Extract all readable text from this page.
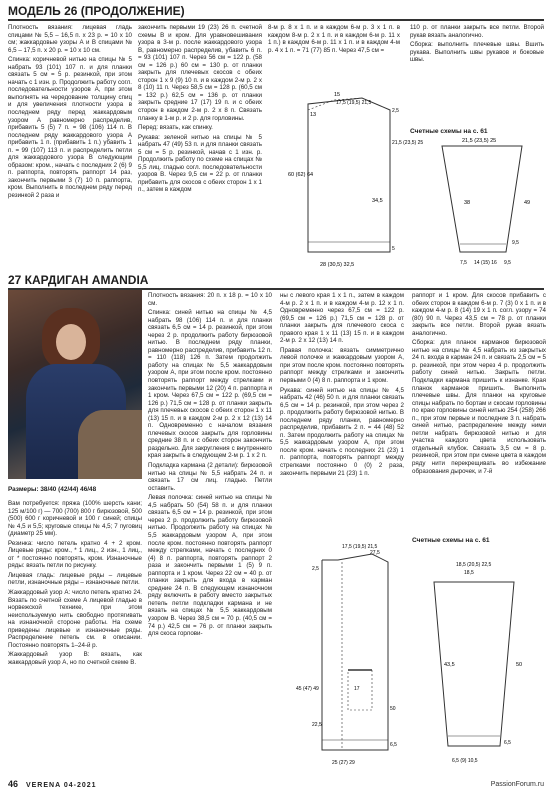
МОДЕЛЬ 26 (ПРОДОЛЖЕНИЕ)

Плотность вязания: лицевая гладь спицами № 5,5 – 16,5 п. х 23 р. = 10 х 10 см; жаккардовые узоры А и В спицами № 6,5 – 17,5 п. х 20 р. = 10 х 10 см.

Спинка: коричневой нитью на спицы № 5 набрать 93 (101) 107 п. и для планки связать 5 см = 5 р. резинкой, при этом начать с 1 изн. р. Продолжить работу согл. последовательности узоров А, при этом выполнять на чередование толщину спиц и для увеличения плотности узора в последнем ряду перед жаккардовым узором А равномерно распределив, прибавить 5 (5) 7 п. = 98 (106) 114 п. В последнем ряду жаккардового узора А прибавить 1 п. (прибавить 1 п.) убавить 1 п. = 99 (107) 113 п. и распределить петли для жаккардового узора В следующим образом: кром., начать с последних 2 (6) 9 п. раппорта, повторять раппорт 14 раз, закончить первыми 3 (7) 10 п. раппорта, кром. Выполнить в последнем ряду перед резинкой 2 раза и

закончить первыми 19 (23) 26 п. счетной схемы В и кром. Для уравновешивания узора в 3-м р. после жаккардового узора В, равномерно распределив, убавить 6 п. = 93 (101) 107 п. Через 56 см = 122 р. (58 см = 126 р.) 60 см = 130 р. от планки закрыть для плечевых скосов с обеих сторон 1 х 9 (9) 10 п. и в каждом 2-м р. 2 х 8 (10) 11 п. Через 58,5 см = 128 р. (60,5 см = 132 р.) 62,5 см = 136 р. от планки закрыть средние 17 (17) 19 п. и с обеих сторон в каждом 2-м р. 2 х 8 п. Связать планку в 1-м р. и 2 р. для горловины.

Перед: вязать, как спинку.

Рукава: зеленой нитью на спицы № 5 набрать 47 (49) 53 п. и для планки связать 5 см = 5 р. резинкой, начав с 1 изн. р. Продолжить работу по схеме на спицах № 5,5 лиц. гладью согл. последовательности узоров В. Через 9,5 см = 22 р. от планки прибавить для скосов с обеих сторон 1 х 1 п., затем в каждом

8-м р. 8 х 1 п. и в каждом 6-м р. 3 х 1 п. в каждом 8-м р. 2 х 1 п. и в каждом 6-м р. 11 х 1 п.) в каждом 6-м р. 11 х 1 п. и в каждом 4-м р. 4 х 1 п. = 71 (77) 85 п. Через 47,5 см =

110 р. от планки закрыть все петли. Второй рукав вязать аналогично.

Сборка: выполнить плечевые швы. Вшить рукава. Выполнить швы рукавов и боковые швы.

Счетные схемы на с. 61
15
17,5 (19,5) 21,5
13
60 (62) 64
34,5
21,5 (23,5) 25
2,5
5
28 (30,5) 32,5
21,5 (23,5) 25
38	49
9,5
7,5 14 (15) 16 9,5
27 КАРДИГАН AMANDIA
Размеры: 38/40 (42/44) 46/48

Вам потребуется: пряжа (100% шерсть кани; 125 м/100 г) — 700 (700) 800 г бирюзовой, 500 (500) 600 г коричневой и 100 г синей; спицы № 4,5 и 5,5; круговые спицы № 4,5; 7 пуговиц (диаметр 25 мм).

Резинка: число петель кратно 4 + 2 кром. Лицевые ряды: кром., * 1 лиц., 2 изн., 1 лиц., от * постоянно повторять, кром. Изнаночные ряды: вязать петли по рисунку.

Лицевая гладь: лицевые ряды – лицевые петли, изнаночные ряды – изнаночные петли.

Жаккардовый узор А: число петель кратно 24. Вязать по счетной схеме А лицевой гладью в норвежской технике, при этом неиспользуемую нить свободно протягивать на изнаночной стороне работы. На схеме приведены лицевые и изнаночные ряды. Распределение петель см. в описании. Постоянно повторять 1–24-й р.

Жаккардовый узор В: вязать, как жаккардовый узор А, но по счетной схеме В.

Плотность вязания: 20 п. х 18 р. = 10 х 10 см.

Спинка: синей нитью на спицы № 4,5 набрать 98 (106) 114 п. и для планки связать 6,5 см = 14 р. резинкой, при этом через 2 р. продолжить работу бирюзовой нитью. В последнем ряду планки, равномерно распределив, прибавить 12 п. = 110 (118) 126 п. Затем продолжить работу на спицах № 5,5 жаккардовым узором А, при этом после кром. постоянно повторять раппорт между стрелками и закончить первыми 12 (20) 4 п. раппорта и 1 кром. Через 67,5 см = 122 р. (69,5 см = 126 р.) 71,5 см = 128 р. от планки закрыть для плечевых скосов с обеих сторон 1 х 11 (13) 15 п. и в каждом 2-м р. 2 х 12 (13) 14 п. Одновременно с началом вязания плечевых скосов закрыть для горловины средние 38 п. и с обеих сторон закончить раздельно. Для закругления с внутреннего края закрыть в следующем 2-м р. 1 х 2 п.

Подкладка кармана (2 детали): бирюзовой нитью на спицы № 5,5 набрать 24 п. и связать 17 см лиц. гладью. Петли оставить.

Левая полочка: синей нитью на спицы № 4,5 набрать 50 (54) 58 п. и для планки связать 6,5 см = 14 р. резинкой, при этом через 2 р. продолжить работу бирюзовой нитью. Продолжить работу на спицах № 5,5 жаккардовым узором А, при этом после кром. постоянно повторять раппорт между стрелками, начать с последних 0 (4) 8 п. раппорта, повторять раппорт 2 раза и закончить первыми 1 (5) 9 п. раппорта и 1 кром. Через 22 см = 40 р. от планки закрыть для входа в карман средние 24 п. В следующем изнаночном ряду включить в работу вместо закрытых петель петли подкладки кармана и не вязать на спицах № 5,5 жаккардовым узором В. Через 38,5 см = 70 р. (40,5 см = 74 р.) 42,5 см = 76 р. от планки закрыть для скоса горлови-

ны с левого края 1 х 1 п., затем в каждом 4-м р. 2 х 1 п. и в каждом 4-м р. 12 х 1 п. Одновременно через 67,5 см = 122 р. (69,5 см = 126 р.) 71,5 см = 128 р. от планки закрыть для плечевого скоса с правого края 1 х 11 (13) 15 п. и в каждом 2-м р. 2 х 12 (13) 14 п.

Правая полочка: вязать симметрично левой полочке и жаккардовым узором А, при этом после кром. постоянно повторять раппорт между стрелками и закончить первыми 0 (4) 8 п. раппорта и 1 кром.

Рукава: синей нитью на спицы № 4,5 набрать 42 (46) 50 п. и для планки связать 6,5 см = 14 р. резинкой, при этом через 2 р. продолжить работу бирюзовой нитью. В последнем ряду планки, равномерно распределив, прибавить 2 п. = 44 (48) 52 п. Затем продолжить работу на спицах № 5,5 жаккардовым узором А, при этом после кром. начать с последних 21 (23) 1 п. раппорта, повторять раппорт между стрелками постоянно 0 (0) 2 раза, закончить первыми 21 (23) 1 п.

раппорт и 1 кром. Для скосов прибавить с обеих сторон в каждом 6-м р. 7 (3) 0 х 1 п. и в каждом 4-м р. 8 (14) 19 х 1 п. согл. узору = 74 (80) 90 п. Через 43,5 см = 78 р. от планки закрыть все петли. Второй рукав вязать аналогично.

Сборка: для планок карманов бирюзовой нитью на спицы № 4,5 набрать из закрытых 24 п. входа в карман 24 п. и связать 2,5 см = 5 р. резинкой, при этом через 4 р. продолжить работу синей нитью. Закрыть петли. Подкладки кармана пришить к изнанке. Края планок карманов пришить. Выполнить плечевые швы. Для планки на круговые спицы набрать по бортам и скосам горловины по краю горловины синей нитью 254 (258) 266 п., при этом первые и последние 3 п. набрать синей нитью, распределение между ними петли набрать бирюзовой нитью и для участка каждого цвета использовать отдельный клубок. Связать 3,5 см = 8 р. резинкой, при этом при смене цвета в каждом ряду нити перекрещивать во избежание образования дырочек, и 7-й

Счетные схемы на с. 61
17,5 (19,5) 21,5
27,5
2,5
45 (47) 49	17
22,5
50
6,5
25 (27) 29
18,5 (20,5) 22,5
18,5
43,5	50
6,5
6,5 (9) 10,5
46 VERENA 04-2021	PassionForum.ru
